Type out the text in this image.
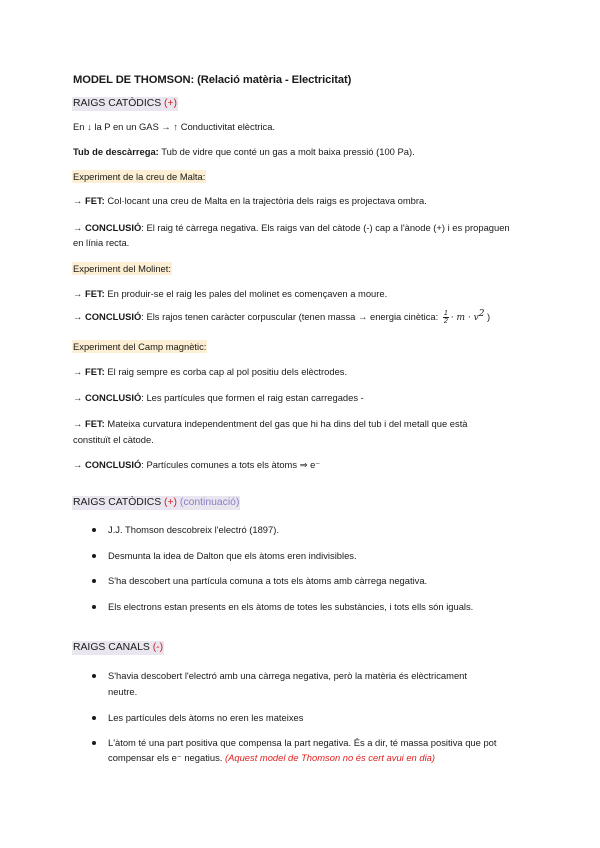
MODEL DE THOMSON: (Relació matèria - Electricitat)
RAIGS CATÒDICS (+)
En ↓ la P en un GAS → ↑ Conductivitat elèctrica.
Tub de descàrrega: Tub de vidre que conté un gas a molt baixa pressió (100 Pa).
Experiment de la creu de Malta:
→ FET: Col·locant una creu de Malta en la trajectòria dels raigs es projectava ombra.
→ CONCLUSIÓ: El raig té càrrega negativa. Els raigs van del càtode (-) cap a l'ànode (+) i es propaguen
en línia recta.
Experiment del Molinet:
→ FET: En produir-se el raig les pales del molinet es començaven a moure.
→ CONCLUSIÓ: Els rajos tenen caràcter corpuscular (tenen massa → energia cinètica: $\frac{1}{2} \cdot m \cdot v^2$ )
Experiment del Camp magnètic:
→ FET: El raig sempre es corba cap al pol positiu dels elèctrodes.
→ CONCLUSIÓ: Les partícules que formen el raig estan carregades -
→ FET: Mateixa curvatura independentment del gas que hi ha dins del tub i del metall que està
constituït el càtode.
→ CONCLUSIÓ: Partícules comunes a tots els àtoms ⇒ e⁻
RAIGS CATÒDICS (+) (continuació)
J.J. Thomson descobreix l'electró (1897).
Desmunta la idea de Dalton que els àtoms eren indivisibles.
S'ha descobert una partícula comuna a tots els àtoms amb càrrega negativa.
Els electrons estan presents en els àtoms de totes les substàncies, i tots ells són iguals.
RAIGS CANALS (-)
S'havia descobert l'electró amb una càrrega negativa, però la matèria és elèctricament
neutre.
Les partícules dels àtoms no eren les mateixes
L'àtom té una part positiva que compensa la part negativa. És a dir, té massa positiva que pot
compensar els e⁻ negatius. (Aquest model de Thomson no és cert avui en dia)
